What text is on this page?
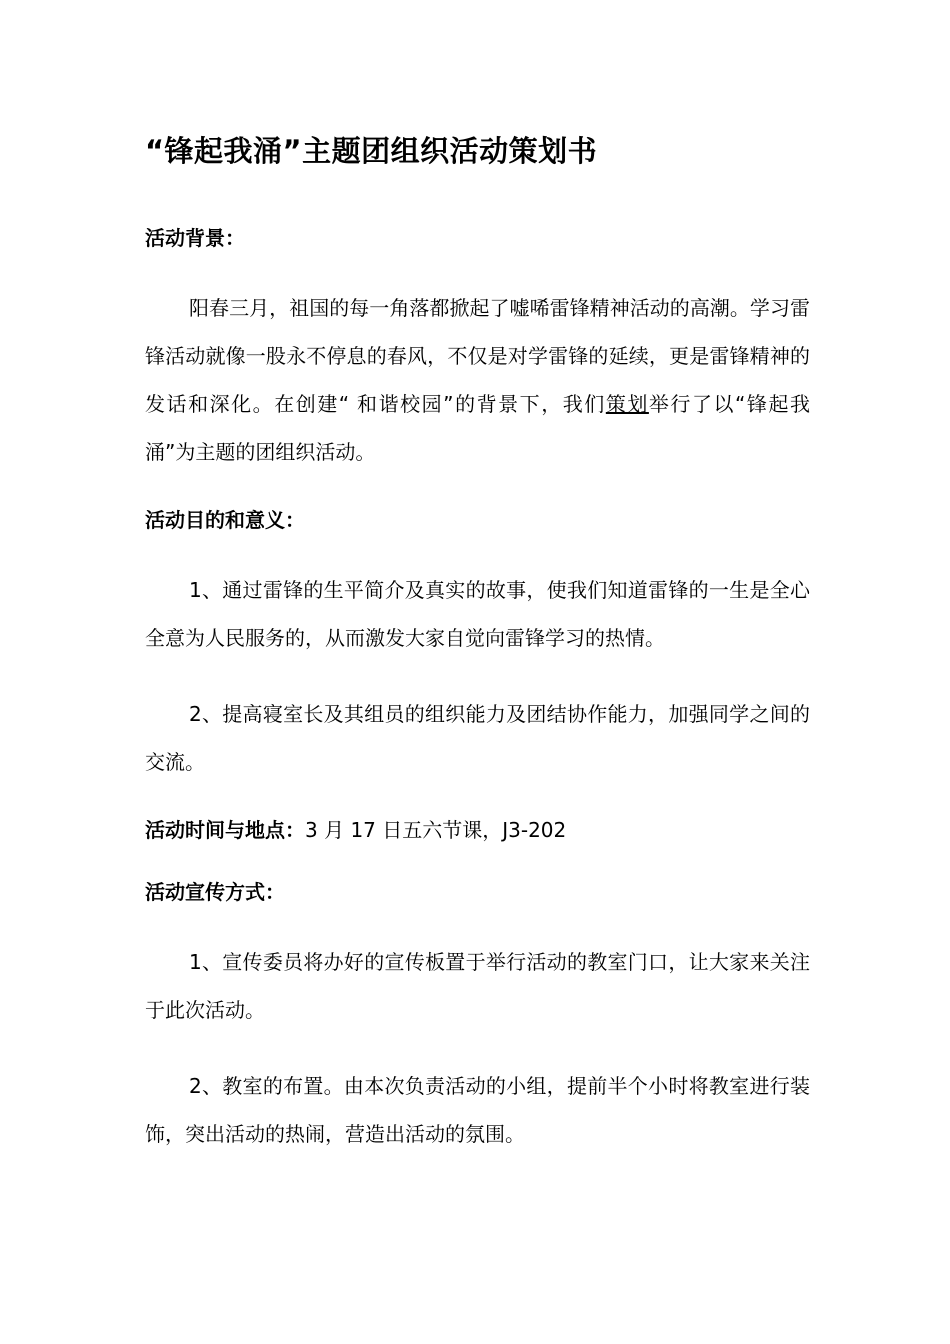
“锋起我涌”主题团组织活动策划书
活动背景：

阳春三月，祖国的每一角落都掀起了嘘唏雷锋精神活动的高潮。学习雷锋活动就像一股永不停息的春风，不仅是对学雷锋的延续，更是雷锋精神的发话和深化。在创建“ 和谐校园”的背景下，我们策划举行了以“锋起我涌”为主题的团组织活动。

活动目的和意义：

1、通过雷锋的生平简介及真实的故事，使我们知道雷锋的一生是全心全意为人民服务的，从而激发大家自觉向雷锋学习的热情。

2、提高寝室长及其组员的组织能力及团结协作能力，加强同学之间的交流。

活动时间与地点：3 月 17 日五六节课，J3-202
活动宣传方式：

1、宣传委员将办好的宣传板置于举行活动的教室门口，让大家来关注于此次活动。

2、教室的布置。由本次负责活动的小组，提前半个小时将教室进行装饰，突出活动的热闹，营造出活动的氛围。
